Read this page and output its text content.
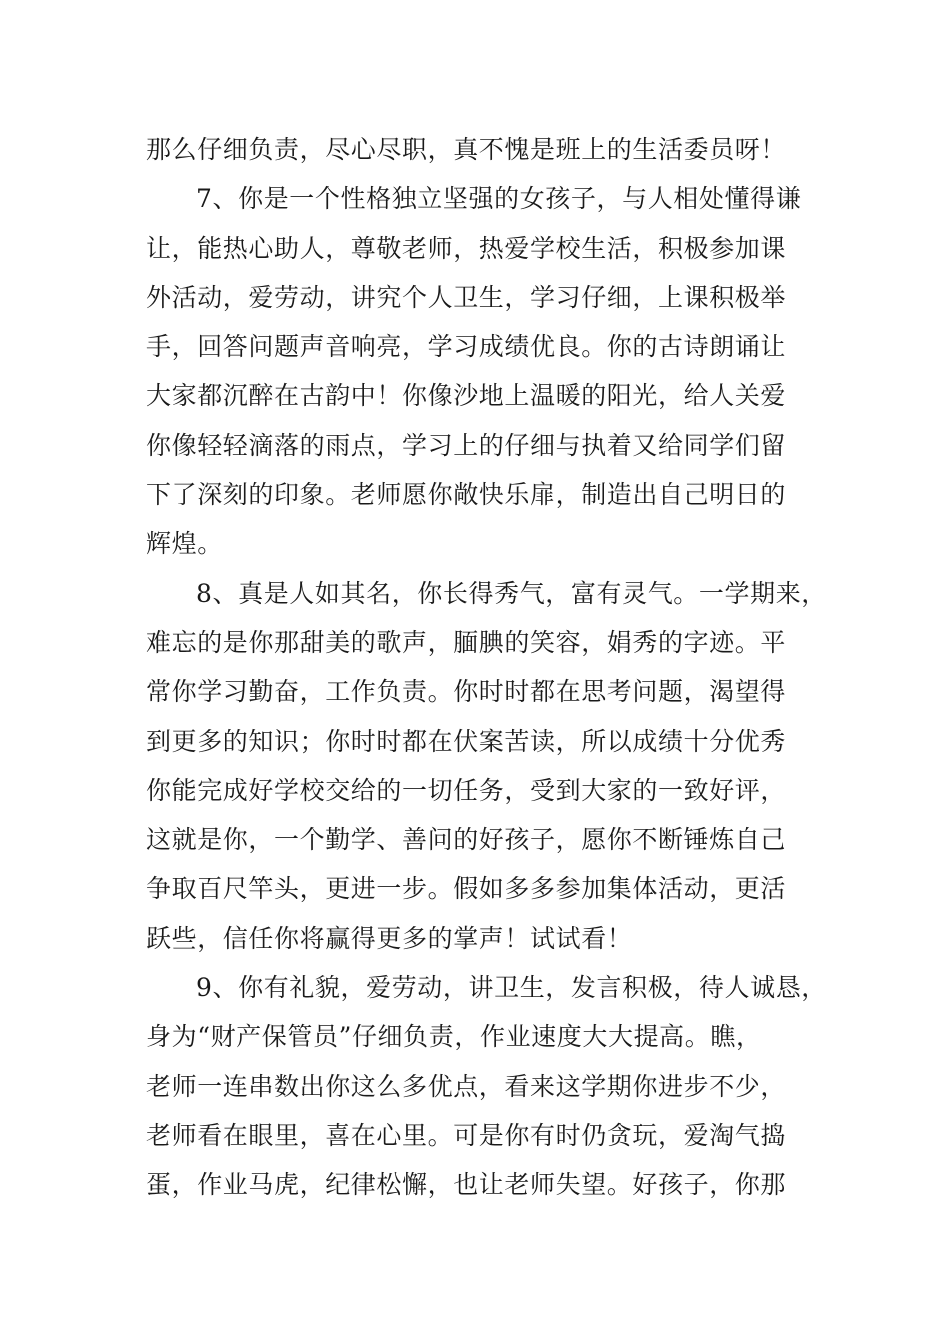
那么仔细负责，尽心尽职，真不愧是班上的生活委员呀！
7、你是一个性格独立坚强的女孩子，与人相处懂得谦
让，能热心助人，尊敬老师，热爱学校生活，积极参加课
外活动，爱劳动，讲究个人卫生，学习仔细，上课积极举
手，回答问题声音响亮，学习成绩优良。你的古诗朗诵让
大家都沉醉在古韵中！你像沙地上温暖的阳光，给人关爱
你像轻轻滴落的雨点，学习上的仔细与执着又给同学们留
下了深刻的印象。老师愿你敞快乐扉，制造出自己明日的
辉煌。
8、真是人如其名，你长得秀气，富有灵气。一学期来，
难忘的是你那甜美的歌声，腼腆的笑容，娟秀的字迹。平
常你学习勤奋，工作负责。你时时都在思考问题，渴望得
到更多的知识；你时时都在伏案苦读，所以成绩十分优秀
你能完成好学校交给的一切任务，受到大家的一致好评，
这就是你，一个勤学、善问的好孩子，愿你不断锤炼自己
争取百尺竿头，更进一步。假如多多参加集体活动，更活
跃些，信任你将赢得更多的掌声！试试看！
9、你有礼貌，爱劳动，讲卫生，发言积极，待人诚恳，
身为“财产保管员”仔细负责，作业速度大大提高。瞧，
老师一连串数出你这么多优点，看来这学期你进步不少，
老师看在眼里，喜在心里。可是你有时仍贪玩，爱淘气捣
蛋，作业马虎，纪律松懈，也让老师失望。好孩子，你那
